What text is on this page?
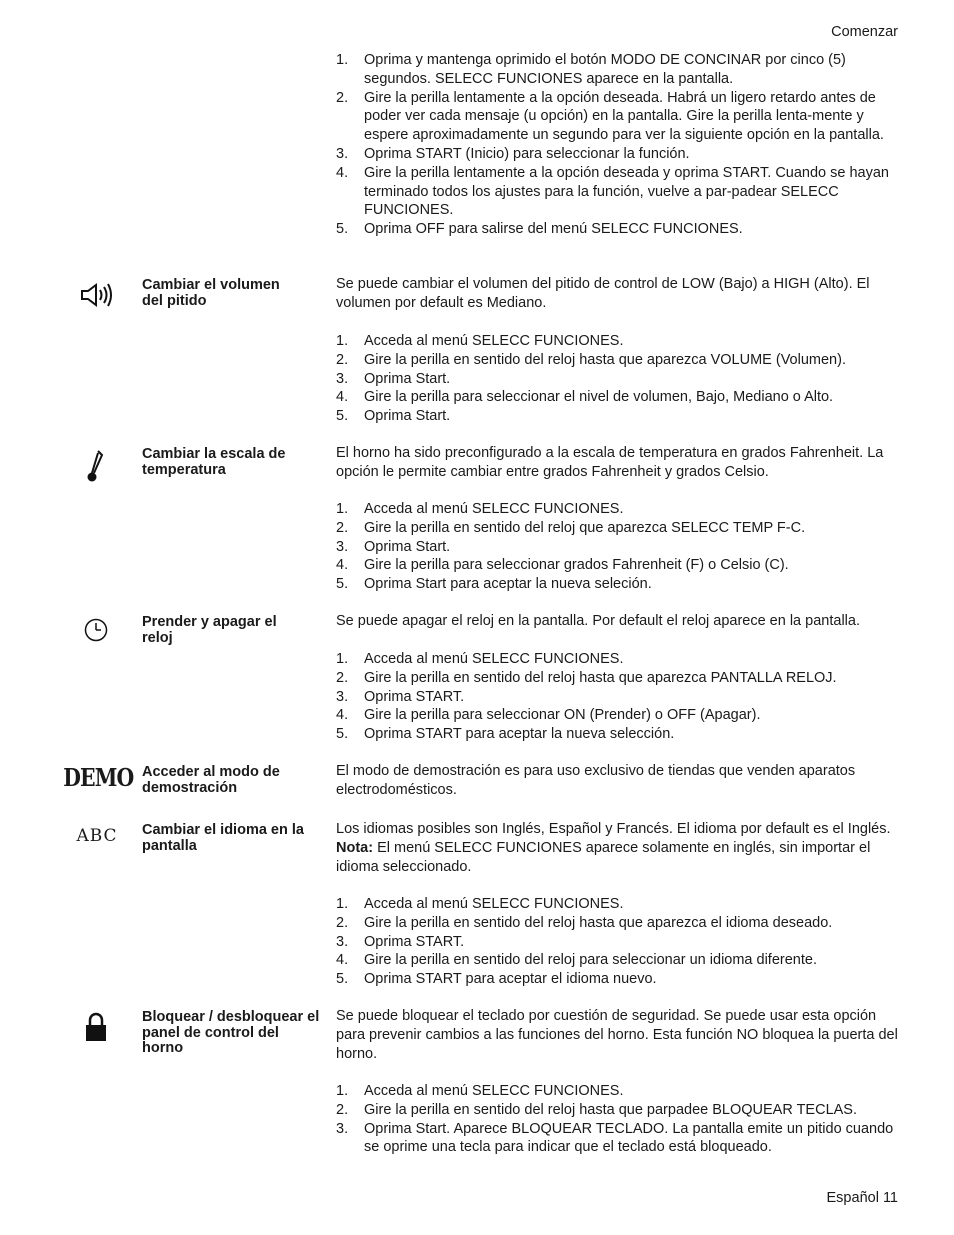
Comenzar
1. Oprima y mantenga oprimido el botón MODO DE CONCINAR por cinco (5) segundos. SELECC FUNCIONES aparece en la pantalla.
2. Gire la perilla lentamente a la opción deseada. Habrá un ligero retardo antes de poder ver cada mensaje (u opción) en la pantalla. Gire la perilla lenta-mente y espere aproximadamente un segundo para ver la siguiente opción en la pantalla.
3. Oprima START (Inicio) para seleccionar la función.
4. Gire la perilla lentamente a la opción deseada y oprima START. Cuando se hayan terminado todos los ajustes para la función, vuelve a par-padear SELECC FUNCIONES.
5. Oprima OFF para salirse del menú SELECC FUNCIONES.
Cambiar el volumen del pitido
Se puede cambiar el volumen del pitido de control de LOW (Bajo) a HIGH (Alto). El volumen por default es Mediano.
1. Acceda al menú SELECC FUNCIONES.
2. Gire la perilla en sentido del reloj hasta que aparezca VOLUME (Volumen).
3. Oprima Start.
4. Gire la perilla para seleccionar el nivel de volumen, Bajo, Mediano o Alto.
5. Oprima Start.
Cambiar la escala de temperatura
El horno ha sido preconfigurado a la escala de temperatura en grados Fahrenheit. La opción le permite cambiar entre grados Fahrenheit y grados Celsio.
1. Acceda al menú SELECC FUNCIONES.
2. Gire la perilla en sentido del reloj que aparezca SELECC TEMP F-C.
3. Oprima Start.
4. Gire la perilla para seleccionar grados Fahrenheit (F) o Celsio (C).
5. Oprima Start para aceptar la nueva seleción.
Prender y apagar el reloj
Se puede apagar el reloj en la pantalla. Por default el reloj aparece en la pantalla.
1. Acceda al menú SELECC FUNCIONES.
2. Gire la perilla en sentido del reloj hasta que aparezca PANTALLA RELOJ.
3. Oprima START.
4. Gire la perilla para seleccionar ON (Prender) o OFF (Apagar).
5. Oprima START para aceptar la nueva selección.
DEMO Acceder al modo de demostración
El modo de demostración es para uso exclusivo de tiendas que venden aparatos electrodomésticos.
ABC Cambiar el idioma en la pantalla
Los idiomas posibles son Inglés, Español y Francés. El idioma por default es el Inglés. Nota: El menú SELECC FUNCIONES aparece solamente en inglés, sin importar el idioma seleccionado.
1. Acceda al menú SELECC FUNCIONES.
2. Gire la perilla en sentido del reloj hasta que aparezca el idioma deseado.
3. Oprima START.
4. Gire la perilla en sentido del reloj para seleccionar un idioma diferente.
5. Oprima START para aceptar el idioma nuevo.
Bloquear / desbloquear el panel de control del horno
Se puede bloquear el teclado por cuestión de seguridad. Se puede usar esta opción para prevenir cambios a las funciones del horno. Esta función NO bloquea la puerta del horno.
1. Acceda al menú SELECC FUNCIONES.
2. Gire la perilla en sentido del reloj hasta que parpadee BLOQUEAR TECLAS.
3. Oprima Start. Aparece BLOQUEAR TECLADO. La pantalla emite un pitido cuando se oprime una tecla para indicar que el teclado está bloqueado.
Español 11
